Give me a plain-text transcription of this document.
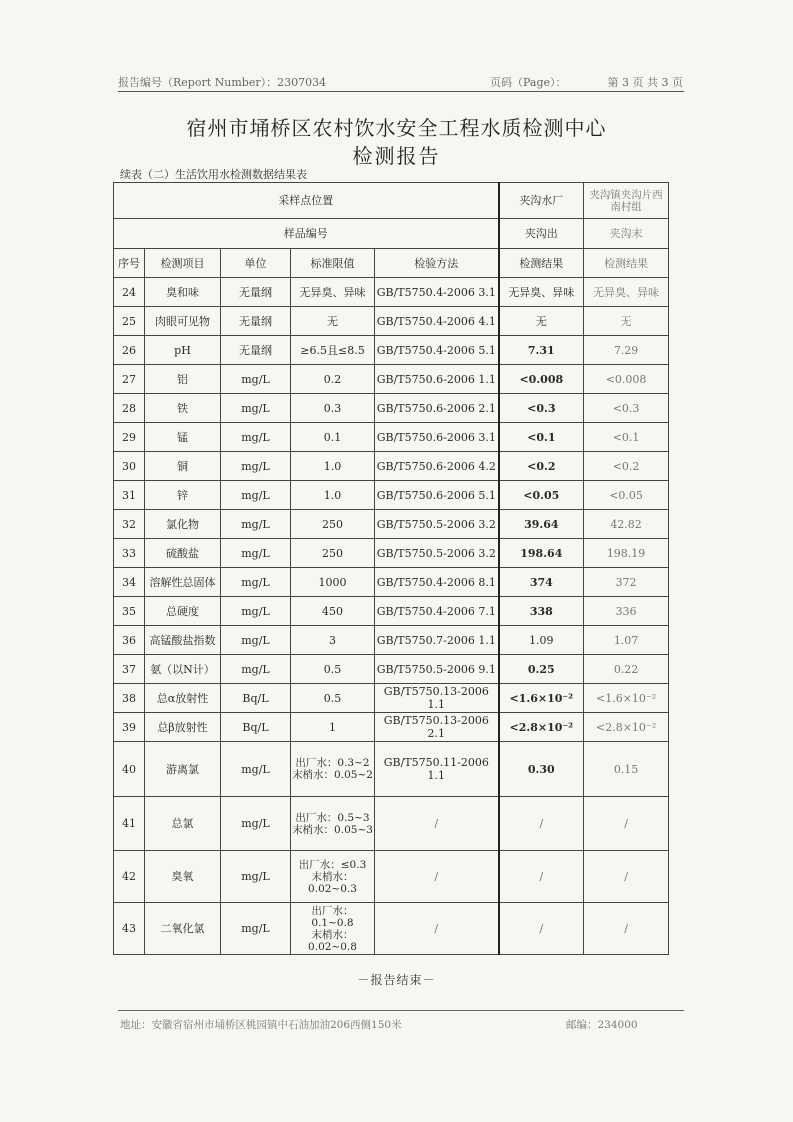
报告编号（Report Number）：2307034	页码（Page）：	第 3 页 共 3 页
宿州市埇桥区农村饮水安全工程水质检测中心
检测报告
续表（二）生活饮用水检测数据结果表
采样点位置					夹沟水厂	夹沟镇夹沟片西南村组
样品编号					夹沟出	夹沟末
序号	检测项目	单位	标准限值	检验方法	检测结果	检测结果
24	臭和味	无量纲	无异臭、异味	GB/T5750.4-2006 3.1	无异臭、异味	无异臭、异味
25	肉眼可见物	无量纲	无	GB/T5750.4-2006 4.1	无	无
26	pH	无量纲	≥6.5且≤8.5	GB/T5750.4-2006 5.1	7.31	7.29
27	铝	mg/L	0.2	GB/T5750.6-2006 1.1	<0.008	<0.008
28	铁	mg/L	0.3	GB/T5750.6-2006 2.1	<0.3	<0.3
29	锰	mg/L	0.1	GB/T5750.6-2006 3.1	<0.1	<0.1
30	铜	mg/L	1.0	GB/T5750.6-2006 4.2	<0.2	<0.2
31	锌	mg/L	1.0	GB/T5750.6-2006 5.1	<0.05	<0.05
32	氯化物	mg/L	250	GB/T5750.5-2006 3.2	39.64	42.82
33	硫酸盐	mg/L	250	GB/T5750.5-2006 3.2	198.64	198.19
34	溶解性总固体	mg/L	1000	GB/T5750.4-2006 8.1	374	372
35	总硬度	mg/L	450	GB/T5750.4-2006 7.1	338	336
36	高锰酸盐指数	mg/L	3	GB/T5750.7-2006 1.1	1.09	1.07
37	氨（以N计）	mg/L	0.5	GB/T5750.5-2006 9.1	0.25	0.22
38	总α放射性	Bq/L	0.5	GB/T5750.13-2006 1.1	<1.6×10⁻²	<1.6×10⁻²
39	总β放射性	Bq/L	1	GB/T5750.13-2006 2.1	<2.8×10⁻²	<2.8×10⁻²
40	游离氯	mg/L	出厂水：0.3~2
末梢水：0.05~2	GB/T5750.11-2006 1.1	0.30	0.15
41	总氯	mg/L	出厂水：0.5~3
末梢水：0.05~3	/	/	/
42	臭氧	mg/L	出厂水：≤0.3
末梢水：
0.02~0.3	/	/	/
43	二氧化氯	mg/L	出厂水：0.1~0.8
末梢水：
0.02~0.8	/	/	/
－报告结束－
地址：安徽省宿州市埇桥区桃园镇中石油加油206西侧150米	邮编：234000
